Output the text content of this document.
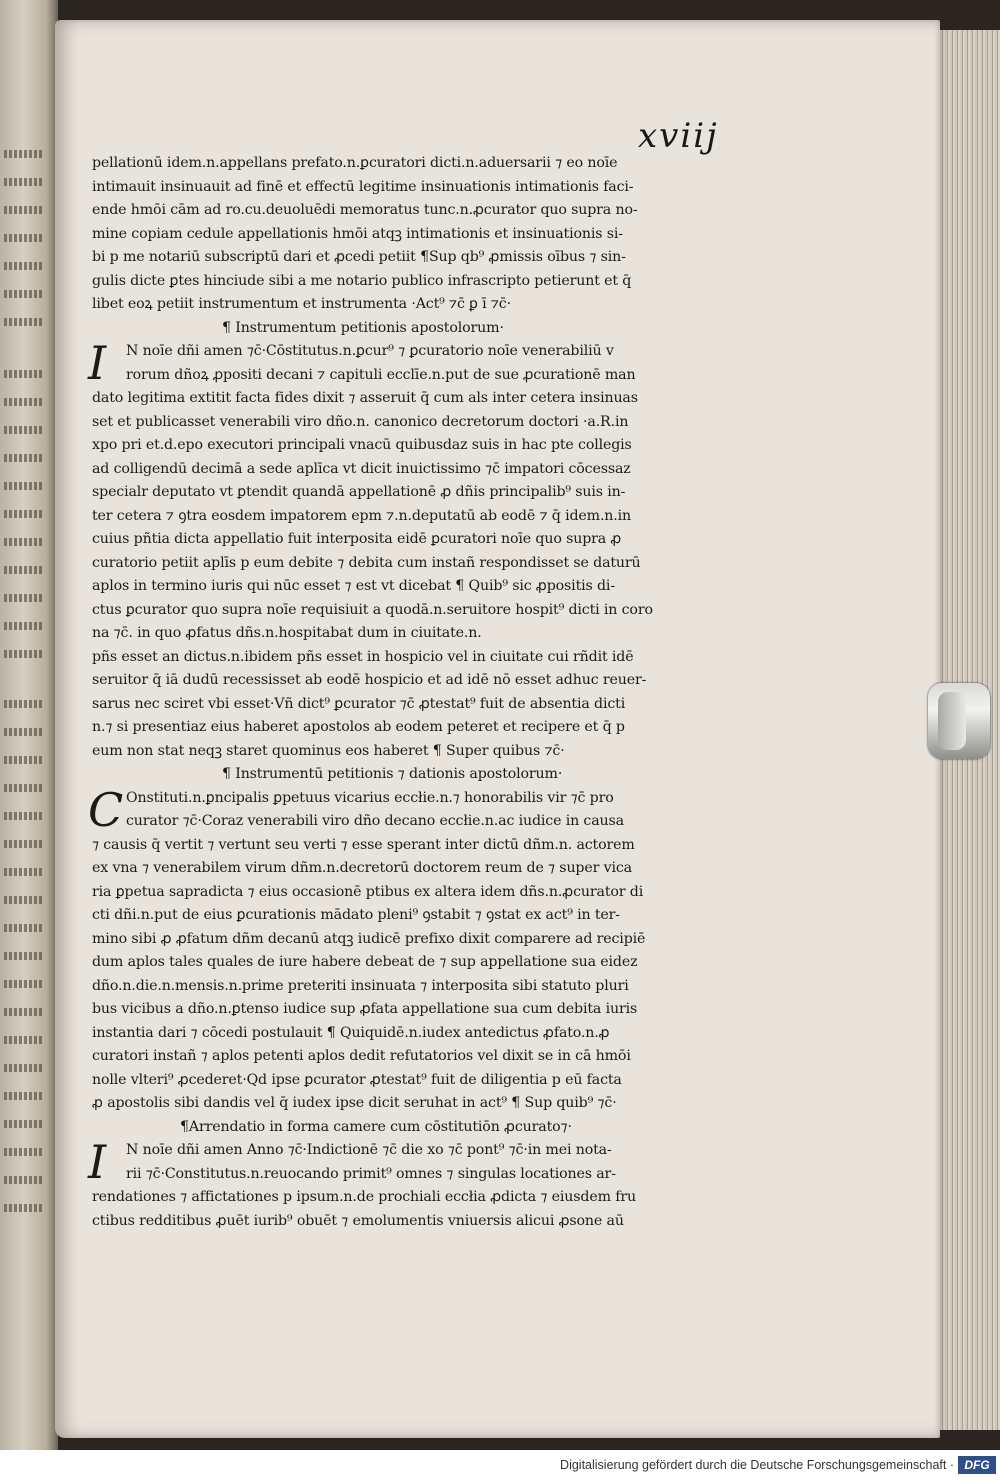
xviij
pellationū idem.n.appellans prefato.n.ꝑcuratori dicti.n.aduersarii ⁊ eo noīe
intimauit insinuauit ad finē et effectū legitime insinuationis intimationis faci-
ende hmōi cām ad ro.cu.deuoluēdi memoratus tunc.n.ꝓcurator quo supra no-
mine copiam cedule appellationis hmōi atqꝫ intimationis et insinuationis si-
bi p me notariū subscriptū dari et ꝓcedi petiit ¶Sup qb⁹ ꝓmissis oībus ⁊ sin-
gulis dicte ꝑtes hinciude sibi a me notario publico infrascripto petierunt et q̄
libet eoꝝ petiit instrumentum et instrumenta ·Act⁹ ⁊c̄ ꝑ ī ⁊c̄·
¶ Instrumentum petitionis apostolorum·
I	N noīe dñi amen ⁊c̄·Cōstitutus.n.ꝑcur⁹ ⁊ ꝑcuratorio noīe venerabiliū v
rorum dñoꝝ ꝓpositi decani ⁊ capituli ecclīe.n.put de sue ꝓcurationē man
dato legitima extitit facta fides dixit ⁊ asseruit q̄ cum als inter cetera insinuas
set et publicasset venerabili viro dño.n. canonico decretorum doctori ·a.R.in
xpo pri et.d.epo executori principali vnacū quibusdaz suis in hac pte collegis
ad colligendū decimā a sede aplīca vt dicit inuictissimo ⁊c̄ impatori cōcessaz
specialr deputato vt ꝑtendit quandā appellationē ꝓ dñis principalib⁹ suis in-
ter cetera ⁊ ꝯtra eosdem impatorem epm ⁊.n.deputatū ab eodē ⁊ q̄ idem.n.in
cuius pñtia dicta appellatio fuit interposita eidē ꝑcuratori noīe quo supra ꝓ
curatorio petiit aplīs p eum debite ⁊ debita cum instañ respondisset se daturū
aplos in termino iuris qui nūc esset ⁊ est vt dicebat ¶ Quib⁹ sic ꝓpositis di-
ctus ꝑcurator quo supra noīe requisiuit a quodā.n.seruitore hospit⁹ dicti in coro
na ⁊c̄. in quo ꝓfatus dñs.n.hospitabat dum in ciuitate.n.
pñs esset an dictus.n.ibidem pñs esset in hospicio vel in ciuitate cui rñdit idē
seruitor q̄ iā dudū recessisset ab eodē hospicio et ad idē nō esset adhuc reuer-
sarus nec sciret vbi esset·Vñ dict⁹ ꝑcurator ⁊c̄ ꝓtestat⁹ fuit de absentia dicti
n.⁊ si presentiaz eius haberet apostolos ab eodem peteret et recipere et q̄ p
eum non stat neqꝫ staret quominus eos haberet ¶ Super quibus ⁊c̄·
¶ Instrumentū petitionis ⁊ dationis apostolorum·
C Onstituti.n.ꝑncipalis ꝑpetuus vicarius eccłie.n.⁊ honorabilis vir ⁊c̄ pro
curator ⁊c̄·Coraz venerabili viro dño decano eccłie.n.ac iudice in causa
⁊ causis q̄ vertit ⁊ vertunt seu verti ⁊ esse sperant inter dictū dñm.n. actorem
ex vna ⁊ venerabilem virum dñm.n.decretorū doctorem reum de ⁊ super vica
ria ꝑpetua sapradicta ⁊ eius occasionē ptibus ex altera idem dñs.n.ꝓcurator di
cti dñi.n.put de eius ꝑcurationis mādato pleni⁹ ꝯstabit ⁊ ꝯstat ex act⁹ in ter-
mino sibi ꝓ ꝓfatum dñm decanū atqꝫ iudicē prefixo dixit comparere ad recipiē
dum aplos tales quales de iure habere debeat de ⁊ sup appellatione sua eidez
dño.n.die.n.mensis.n.prime preteriti insinuata ⁊ interposita sibi statuto pluri
bus vicibus a dño.n.ꝑtenso iudice sup ꝓfata appellatione sua cum debita iuris
instantia dari ⁊ cōcedi postulauit ¶ Quiquidē.n.iudex antedictus ꝓfato.n.ꝓ
curatori instañ ⁊ aplos petenti aplos dedit refutatorios vel dixit se in cā hmōi
nolle vlteri⁹ ꝓcederet·Qd ipse ꝑcurator ꝓtestat⁹ fuit de diligentia p eū facta
ꝓ apostolis sibi dandis vel q̄ iudex ipse dicit seruhat in act⁹ ¶ Sup quib⁹ ⁊c̄·
¶Arrendatio in forma camere cum cōstitutiōn ꝓcurato⁊·
I	N noīe dñi amen Anno ⁊c̄·Indictionē ⁊c̄ die xo ⁊c̄ pont⁹ ⁊c̄·in mei nota-
rii ⁊c̄·Constitutus.n.reuocando primit⁹ omnes ⁊ singulas locationes ar-
rendationes ⁊ affictationes p ipsum.n.de prochiali eccłia ꝓdicta ⁊ eiusdem fru
ctibus redditibus ꝓuēt iurib⁹ obuēt ⁊ emolumentis vniuersis alicui ꝓsone aū
Digitalisierung gefördert durch die Deutsche Forschungsgemeinschaft · DFG
